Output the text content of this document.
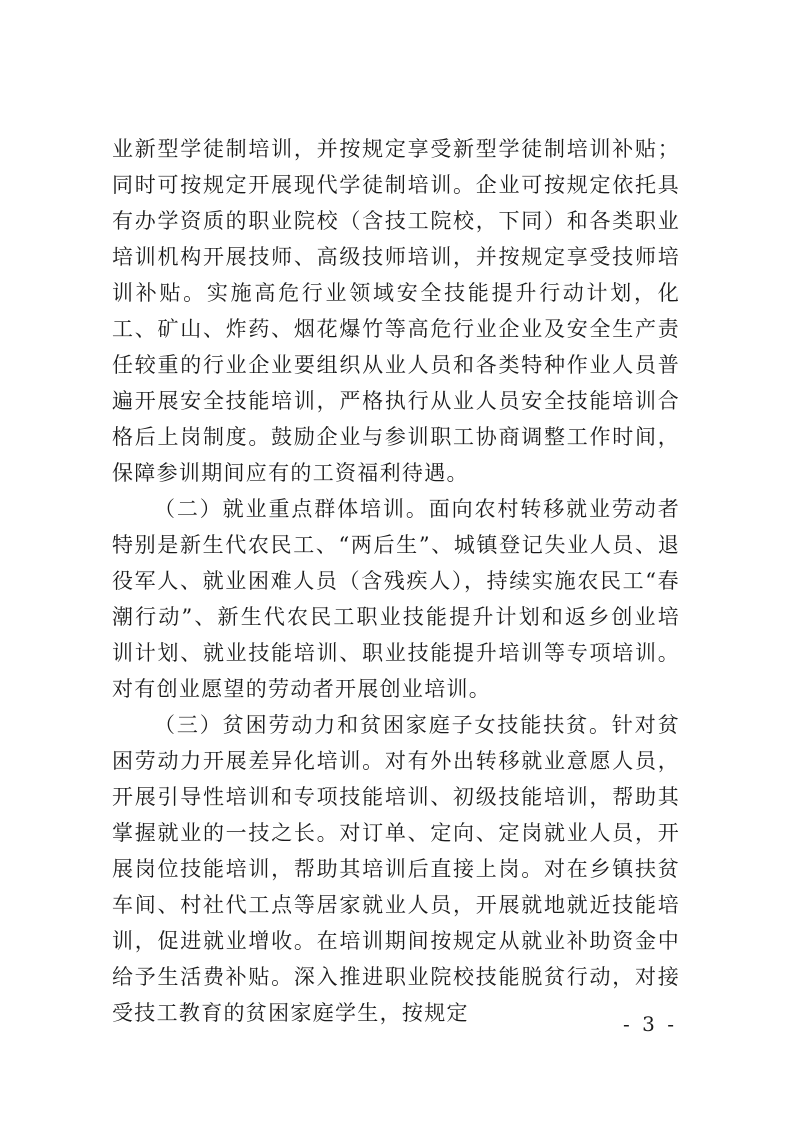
业新型学徒制培训，并按规定享受新型学徒制培训补贴；同时可按规定开展现代学徒制培训。企业可按规定依托具有办学资质的职业院校（含技工院校，下同）和各类职业培训机构开展技师、高级技师培训，并按规定享受技师培训补贴。实施高危行业领域安全技能提升行动计划，化工、矿山、炸药、烟花爆竹等高危行业企业及安全生产责任较重的行业企业要组织从业人员和各类特种作业人员普遍开展安全技能培训，严格执行从业人员安全技能培训合格后上岗制度。鼓励企业与参训职工协商调整工作时间，保障参训期间应有的工资福利待遇。

（二）就业重点群体培训。面向农村转移就业劳动者特别是新生代农民工、“两后生”、城镇登记失业人员、退役军人、就业困难人员（含残疾人），持续实施农民工“春潮行动”、新生代农民工职业技能提升计划和返乡创业培训计划、就业技能培训、职业技能提升培训等专项培训。对有创业愿望的劳动者开展创业培训。

（三）贫困劳动力和贫困家庭子女技能扶贫。针对贫困劳动力开展差异化培训。对有外出转移就业意愿人员，开展引导性培训和专项技能培训、初级技能培训，帮助其掌握就业的一技之长。对订单、定向、定岗就业人员，开展岗位技能培训，帮助其培训后直接上岗。对在乡镇扶贫车间、村社代工点等居家就业人员，开展就地就近技能培训，促进就业增收。在培训期间按规定从就业补助资金中给予生活费补贴。深入推进职业院校技能脱贫行动，对接受技工教育的贫困家庭学生，按规定	- 3 -
